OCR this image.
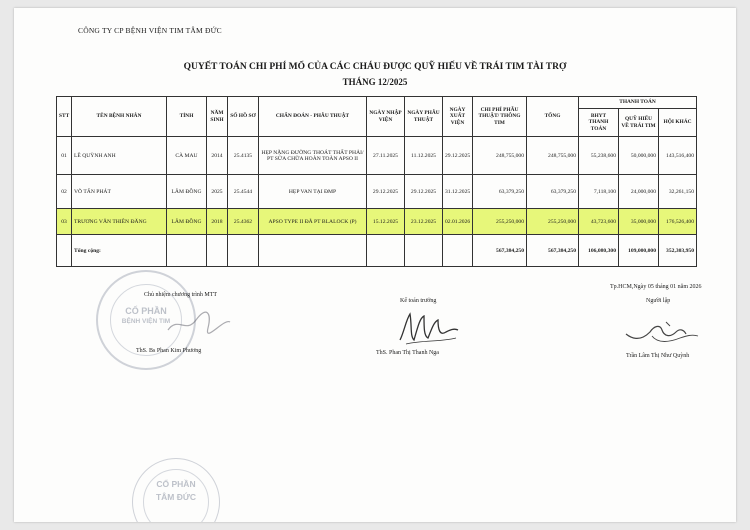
CÔNG TY CP BỆNH VIỆN TIM TÂM ĐỨC
QUYẾT TOÁN CHI PHÍ MỔ CỦA CÁC CHÁU ĐƯỢC QUỸ HIẾU VỀ TRÁI TIM TÀI TRỢ
THÁNG 12/2025
STT	TÊN BỆNH NHÂN	TỈNH	NĂM SINH	SỐ HỒ SƠ	CHẨN ĐOÁN - PHẪU THUẬT	NGÀY NHẬP VIỆN	NGÀY PHẪU THUẬT	NGÀY XUẤT VIỆN	CHI PHÍ PHẪU THUẬT/ THÔNG TIM	TỔNG	THANH TOÁN		
											BHYT THANH TOÁN	QUỸ HIẾU VỀ TRÁI TIM	HỘI KHÁC
01	LÊ QUỲNH ANH	CÀ MAU	2014	25.4135	HẸP NẶNG ĐƯỜNG THOÁT THẤT PHẢI/ PT SỬA CHỮA HOÀN TOÀN APSO II	27.11.2025	11.12.2025	29.12.2025	248,755,000	248,755,000	55,238,600	50,000,000	143,516,400
02	VÕ TẤN PHÁT	LÂM ĐỒNG	2025	25.4544	HẸP VAN TẠI ĐMP	29.12.2025	29.12.2025	31.12.2025	63,379,250	63,379,250	7,118,100	24,000,000	32,261,150
03	TRƯƠNG VĂN THIÊN ĐĂNG	LÂM ĐỒNG	2018	25.4362	APSO TYPE II ĐÃ PT BLALOCK (P)	15.12.2025	23.12.2025	02.01.2026	255,250,000	255,250,000	43,723,600	35,000,000	176,526,400
	Tổng cộng:								567,384,250	567,384,250	106,080,300	109,000,000	352,303,950
CỔ PHẦN
BỆNH VIỆN TIM
Chủ nhiệm chương trình MTT
ThS. Bs Phan Kim Phương
Kế toán trưởng
ThS. Phan Thị Thanh Nga
Tp.HCM,Ngày 05 tháng 01 năm 2026
Người lập
Trần Lâm Thị Như Quỳnh
CỔ PHẦN
TÂM ĐỨC
